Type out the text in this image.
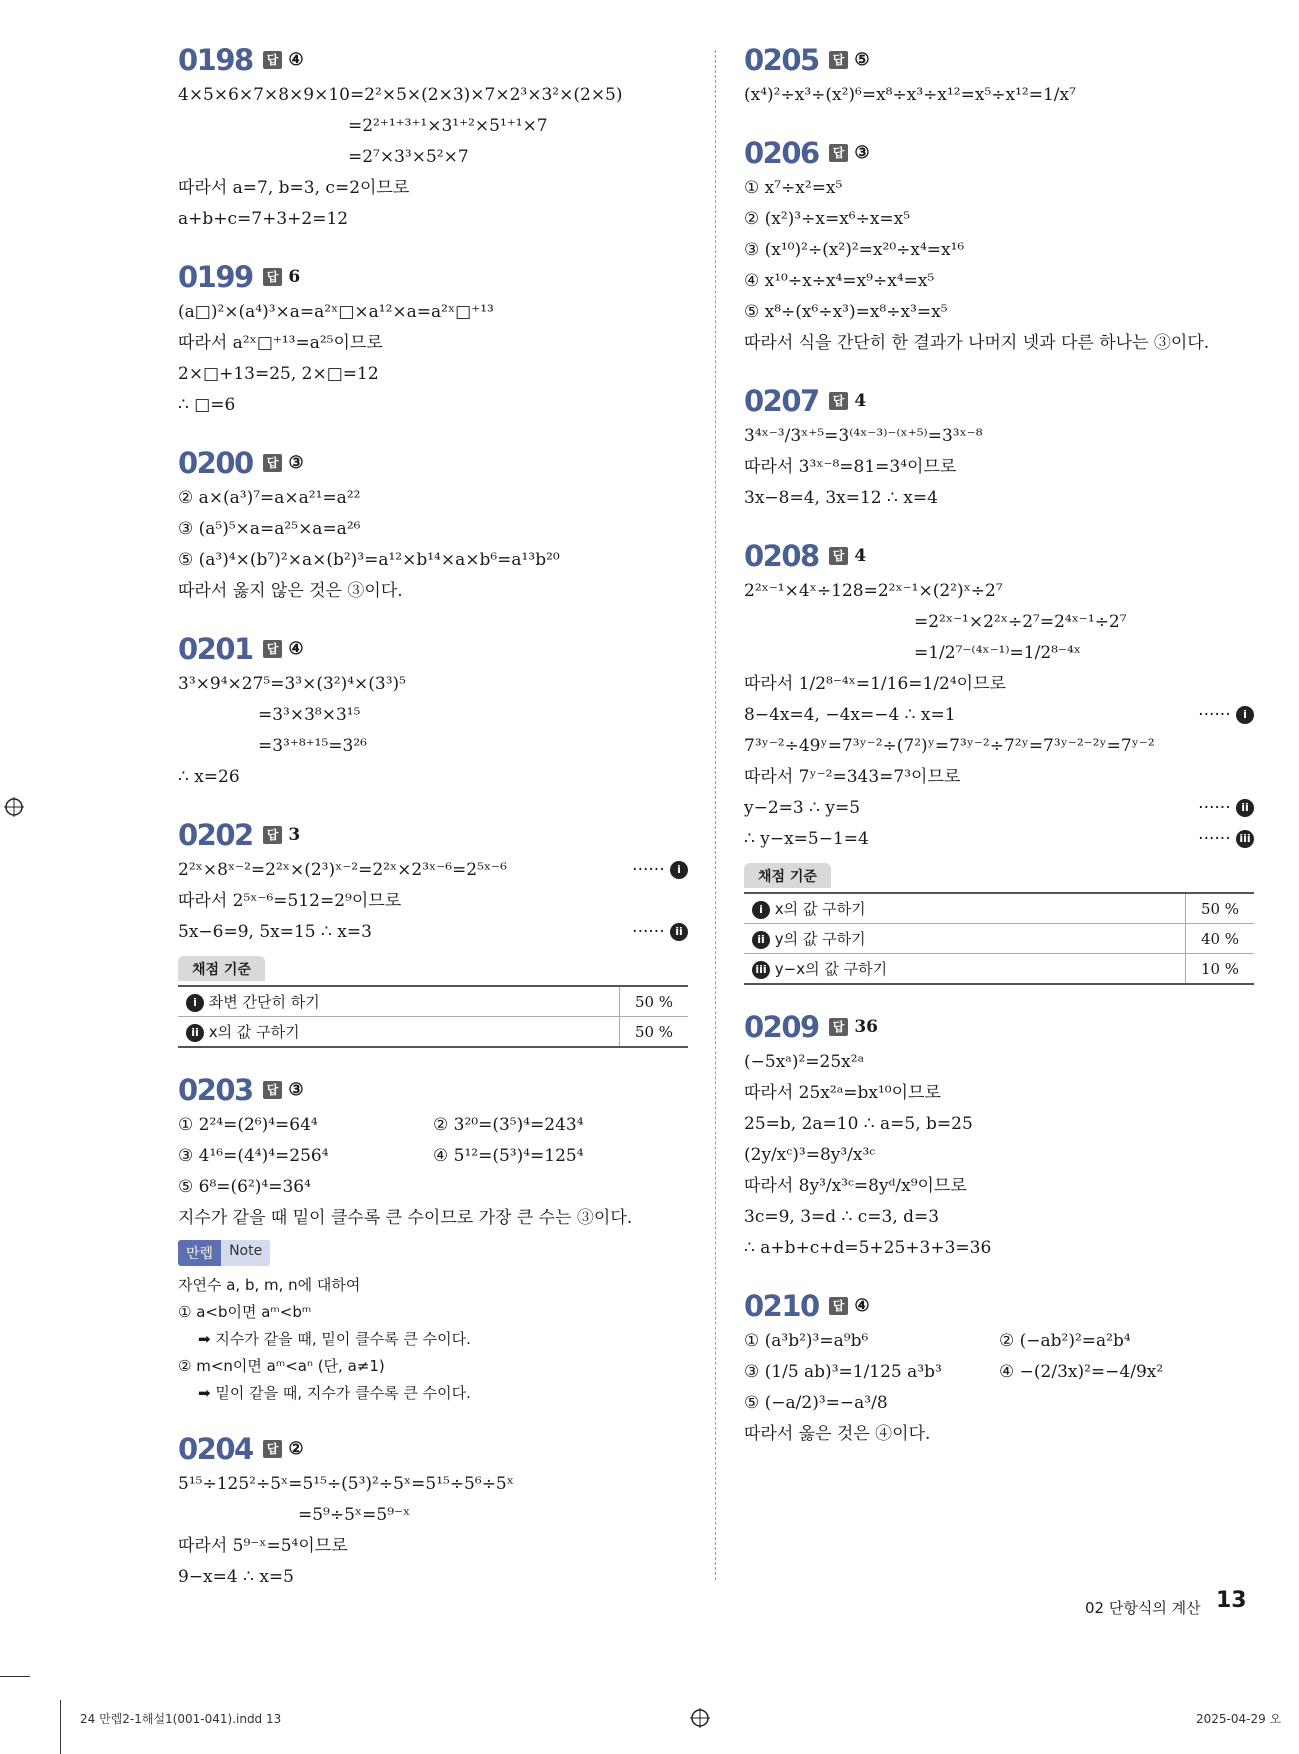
0198	답 ④
4×5×6×7×8×9×10=2²×5×(2×3)×7×2³×3²×(2×5)
=2²⁺¹⁺³⁺¹×3¹⁺²×5¹⁺¹×7
=2⁷×3³×5²×7
따라서 a=7, b=3, c=2이므로
a+b+c=7+3+2=12
0199	답 6
(a□)²×(a⁴)³×a=a²ˣ□×a¹²×a=a²ˣ□⁺¹³
따라서 a²ˣ□⁺¹³=a²⁵이므로
2×□+13=25, 2×□=12
∴ □=6
0200	답 ③
② a×(a³)⁷=a×a²¹=a²²
③ (a⁵)⁵×a=a²⁵×a=a²⁶
⑤ (a³)⁴×(b⁷)²×a×(b²)³=a¹²×b¹⁴×a×b⁶=a¹³b²⁰
따라서 옳지 않은 것은 ③이다.
0201	답 ④
3³×9⁴×27⁵=3³×(3²)⁴×(3³)⁵
=3³×3⁸×3¹⁵
=3³⁺⁸⁺¹⁵=3²⁶
∴ x=26
0202	답 3
2²ˣ×8ˣ⁻²=2²ˣ×(2³)ˣ⁻²=2²ˣ×2³ˣ⁻⁶=2⁵ˣ⁻⁶	······ i
따라서 2⁵ˣ⁻⁶=512=2⁹이므로
5x−6=9, 5x=15 ∴ x=3	······ ii
채점 기준
i 좌변 간단히 하기	50 %
ii x의 값 구하기	50 %
0203	답 ③
① 2²⁴=(2⁶)⁴=64⁴	② 3²⁰=(3⁵)⁴=243⁴
③ 4¹⁶=(4⁴)⁴=256⁴	④ 5¹²=(5³)⁴=125⁴
⑤ 6⁸=(6²)⁴=36⁴
지수가 같을 때 밑이 클수록 큰 수이므로 가장 큰 수는 ③이다.
만렙	Note
자연수 a, b, m, n에 대하여
① a<b이면 aᵐ<bᵐ
➡ 지수가 같을 때, 밑이 클수록 큰 수이다.
② m<n이면 aᵐ<aⁿ (단, a≠1)
➡ 밑이 같을 때, 지수가 클수록 큰 수이다.
0204	답 ②
5¹⁵÷125²÷5ˣ=5¹⁵÷(5³)²÷5ˣ=5¹⁵÷5⁶÷5ˣ
=5⁹÷5ˣ=5⁹⁻ˣ
따라서 5⁹⁻ˣ=5⁴이므로
9−x=4 ∴ x=5
0205	답 ⑤
(x⁴)²÷x³÷(x²)⁶=x⁸÷x³÷x¹²=x⁵÷x¹²=1/x⁷
0206	답 ③
① x⁷÷x²=x⁵
② (x²)³÷x=x⁶÷x=x⁵
③ (x¹⁰)²÷(x²)²=x²⁰÷x⁴=x¹⁶
④ x¹⁰÷x÷x⁴=x⁹÷x⁴=x⁵
⑤ x⁸÷(x⁶÷x³)=x⁸÷x³=x⁵
따라서 식을 간단히 한 결과가 나머지 넷과 다른 하나는 ③이다.
0207	답 4
3⁴ˣ⁻³/3ˣ⁺⁵=3⁽⁴ˣ⁻³⁾⁻⁽ˣ⁺⁵⁾=3³ˣ⁻⁸
따라서 3³ˣ⁻⁸=81=3⁴이므로
3x−8=4, 3x=12 ∴ x=4
0208	답 4
2²ˣ⁻¹×4ˣ÷128=2²ˣ⁻¹×(2²)ˣ÷2⁷
=2²ˣ⁻¹×2²ˣ÷2⁷=2⁴ˣ⁻¹÷2⁷
=1/2⁷⁻⁽⁴ˣ⁻¹⁾=1/2⁸⁻⁴ˣ
따라서 1/2⁸⁻⁴ˣ=1/16=1/2⁴이므로
8−4x=4, −4x=−4 ∴ x=1	······ i
7³ʸ⁻²÷49ʸ=7³ʸ⁻²÷(7²)ʸ=7³ʸ⁻²÷7²ʸ=7³ʸ⁻²⁻²ʸ=7ʸ⁻²
따라서 7ʸ⁻²=343=7³이므로
y−2=3 ∴ y=5	······ ii
∴ y−x=5−1=4	······ iii
채점 기준
i x의 값 구하기	50 %
ii y의 값 구하기	40 %
iii y−x의 값 구하기	10 %
0209	답 36
(−5xᵃ)²=25x²ᵃ
따라서 25x²ᵃ=bx¹⁰이므로
25=b, 2a=10 ∴ a=5, b=25
(2y/xᶜ)³=8y³/x³ᶜ
따라서 8y³/x³ᶜ=8yᵈ/x⁹이므로
3c=9, 3=d ∴ c=3, d=3
∴ a+b+c+d=5+25+3+3=36
0210	답 ④
① (a³b²)³=a⁹b⁶	② (−ab²)²=a²b⁴
③ (1/5 ab)³=1/125 a³b³	④ −(2/3x)²=−4/9x²
⑤ (−a/2)³=−a³/8
따라서 옳은 것은 ④이다.
02 단항식의 계산 13
24 만렙2-1해설1(001-041).indd 13	2025-04-29 오
